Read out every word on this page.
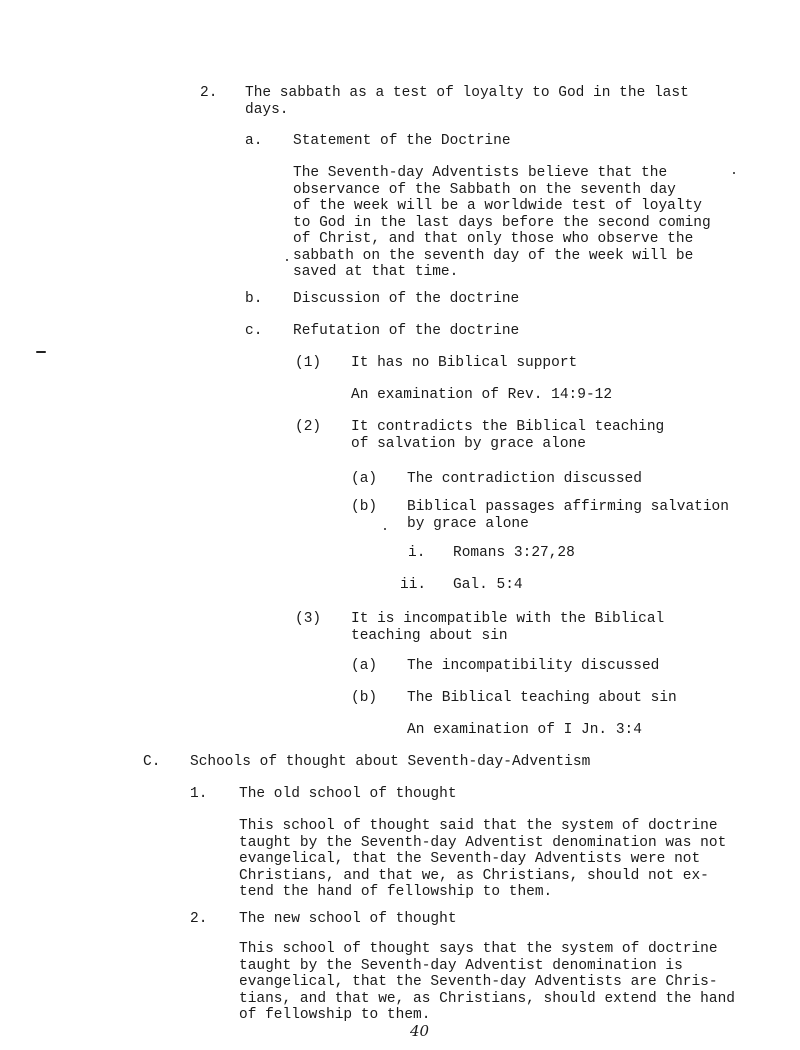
2. The sabbath as a test of loyalty to God in the last
days.
a. Statement of the Doctrine
The Seventh-day Adventists believe that the
observance of the Sabbath on the seventh day
of the week will be a worldwide test of loyalty
to God in the last days before the second coming
of Christ, and that only those who observe the
sabbath on the seventh day of the week will be
saved at that time.
b. Discussion of the doctrine
c. Refutation of the doctrine
(1) It has no Biblical support
An examination of Rev. 14:9-12
(2) It contradicts the Biblical teaching
of salvation by grace alone
(a) The contradiction discussed
(b) Biblical passages affirming salvation
by grace alone
i. Romans 3:27,28
ii. Gal. 5:4
(3) It is incompatible with the Biblical
teaching about sin
(a) The incompatibility discussed
(b) The Biblical teaching about sin
An examination of I Jn. 3:4
C. Schools of thought about Seventh-day-Adventism
1. The old school of thought
This school of thought said that the system of doctrine
taught by the Seventh-day Adventist denomination was not
evangelical, that the Seventh-day Adventists were not
Christians, and that we, as Christians, should not ex-
tend the hand of fellowship to them.
2. The new school of thought
This school of thought says that the system of doctrine
taught by the Seventh-day Adventist denomination is
evangelical, that the Seventh-day Adventists are Chris-
tians, and that we, as Christians, should extend the hand
of fellowship to them.
40
